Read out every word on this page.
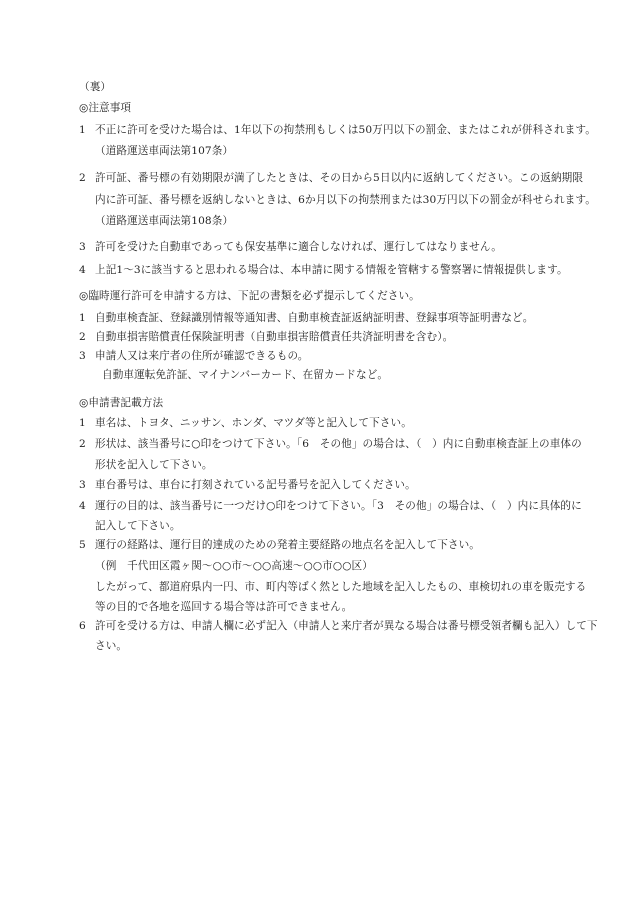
（裏）
◎注意事項
1 不正に許可を受けた場合は、1年以下の拘禁刑もしくは50万円以下の罰金、またはこれが併科されます。
（道路運送車両法第107条）
2 許可証、番号標の有効期限が満了したときは、その日から5日以内に返納してください。この返納期限
内に許可証、番号標を返納しないときは、6か月以下の拘禁刑または30万円以下の罰金が科せられます。
（道路運送車両法第108条）
3 許可を受けた自動車であっても保安基準に適合しなければ、運行してはなりません。
4 上記1～3に該当すると思われる場合は、本申請に関する情報を管轄する警察署に情報提供します。
◎臨時運行許可を申請する方は、下記の書類を必ず提示してください。
1 自動車検査証、登録識別情報等通知書、自動車検査証返納証明書、登録事項等証明書など。
2 自動車損害賠償責任保険証明書（自動車損害賠償責任共済証明書を含む）。
3 申請人又は来庁者の住所が確認できるもの。
自動車運転免許証、マイナンバーカード、在留カードなど。
◎申請書記載方法
1 車名は、トヨタ、ニッサン、ホンダ、マツダ等と記入して下さい。
2 形状は、該当番号に○印をつけて下さい。「6　その他」の場合は、（　）内に自動車検査証上の車体の
形状を記入して下さい。
3 車台番号は、車台に打刻されている記号番号を記入してください。
4 運行の目的は、該当番号に一つだけ○印をつけて下さい。「3　その他」の場合は、（　）内に具体的に
記入して下さい。
5 運行の経路は、運行目的達成のための発着主要経路の地点名を記入して下さい。
（例　千代田区霞ヶ関～○○市～○○高速～○○市○○区）
したがって、都道府県内一円、市、町内等ばく然とした地域を記入したもの、車検切れの車を販売する
等の目的で各地を巡回する場合等は許可できません。
6 許可を受ける方は、申請人欄に必ず記入（申請人と来庁者が異なる場合は番号標受領者欄も記入）して下
さい。
